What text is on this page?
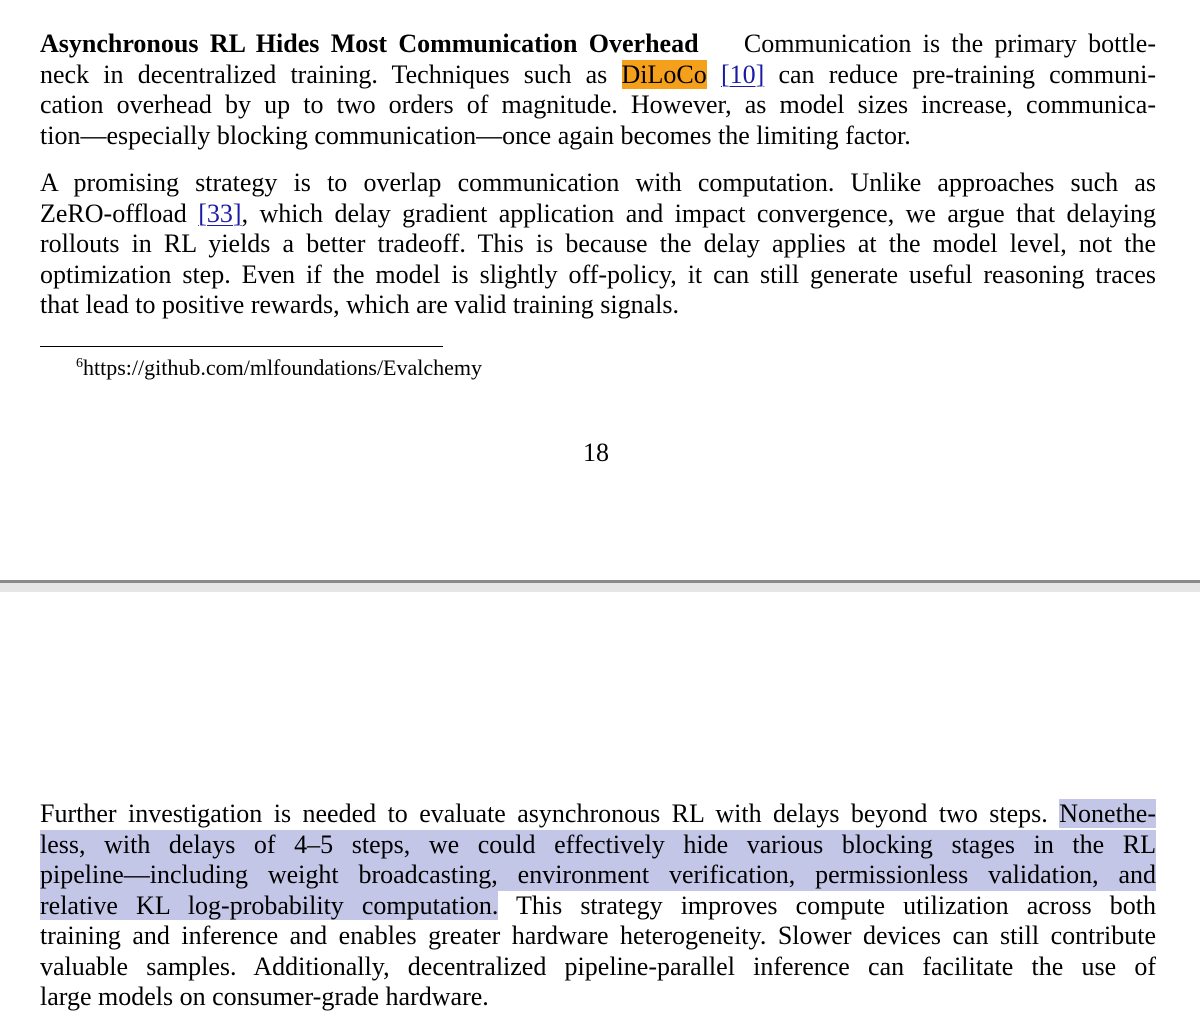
Asynchronous RL Hides Most Communication Overhead Communication is the primary bottle-
neck in decentralized training. Techniques such as DiLoCo [10] can reduce pre-training communi-
cation overhead by up to two orders of magnitude. However, as model sizes increase, communica-
tion—especially blocking communication—once again becomes the limiting factor.
A promising strategy is to overlap communication with computation. Unlike approaches such as
ZeRO-offload [33], which delay gradient application and impact convergence, we argue that delaying
rollouts in RL yields a better tradeoff. This is because the delay applies at the model level, not the
optimization step. Even if the model is slightly off-policy, it can still generate useful reasoning traces
that lead to positive rewards, which are valid training signals.
$^6$https://github.com/mlfoundations/Evalchemy
18
Further investigation is needed to evaluate asynchronous RL with delays beyond two steps. Nonethe-
less, with delays of 4–5 steps, we could effectively hide various blocking stages in the RL
pipeline—including weight broadcasting, environment verification, permissionless validation, and
relative KL log-probability computation. This strategy improves compute utilization across both
training and inference and enables greater hardware heterogeneity. Slower devices can still contribute
valuable samples. Additionally, decentralized pipeline-parallel inference can facilitate the use of
large models on consumer-grade hardware.
